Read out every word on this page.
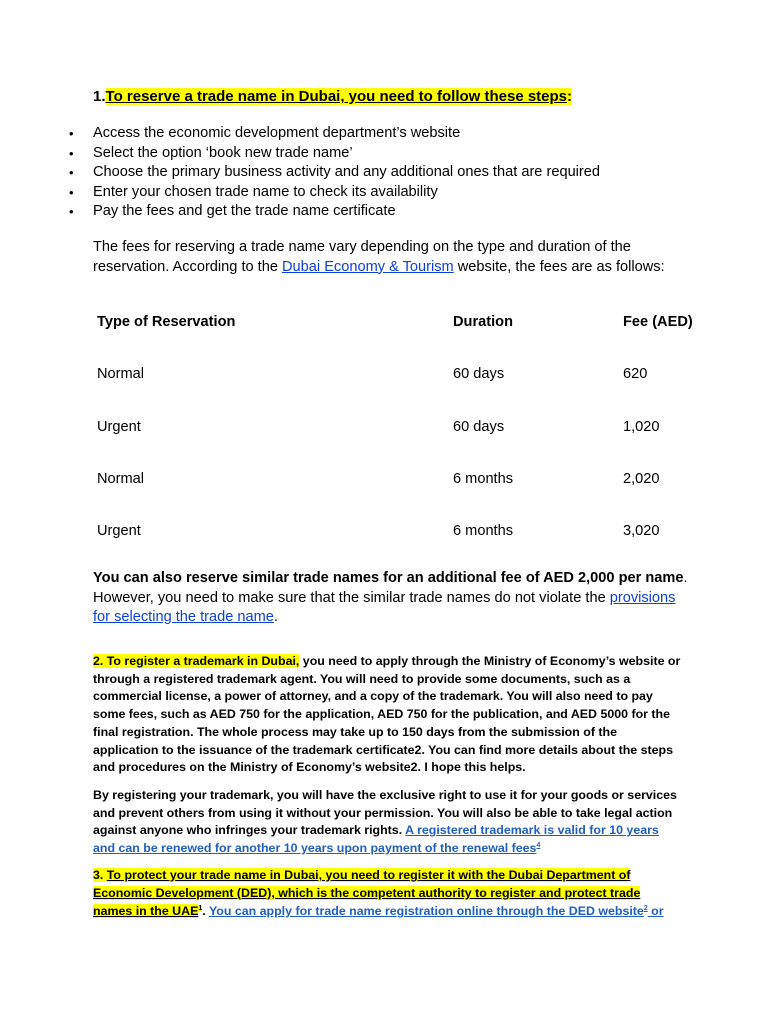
1.To reserve a trade name in Dubai, you need to follow these steps:
• Access the economic development department’s website
• Select the option ‘book new trade name’
• Choose the primary business activity and any additional ones that are required
• Enter your chosen trade name to check its availability
• Pay the fees and get the trade name certificate
The fees for reserving a trade name vary depending on the type and duration of the reservation. According to the Dubai Economy & Tourism website, the fees are as follows:
Type of Reservation	Duration	Fee (AED)
Normal	60 days	620
Urgent	60 days	1,020
Normal	6 months	2,020
Urgent	6 months	3,020
You can also reserve similar trade names for an additional fee of AED 2,000 per name. However, you need to make sure that the similar trade names do not violate the provisions for selecting the trade name.
2. To register a trademark in Dubai, you need to apply through the Ministry of Economy’s website or through a registered trademark agent. You will need to provide some documents, such as a commercial license, a power of attorney, and a copy of the trademark. You will also need to pay some fees, such as AED 750 for the application, AED 750 for the publication, and AED 5000 for the final registration. The whole process may take up to 150 days from the submission of the application to the issuance of the trademark certificate2. You can find more details about the steps and procedures on the Ministry of Economy’s website2. I hope this helps.
By registering your trademark, you will have the exclusive right to use it for your goods or services and prevent others from using it without your permission. You will also be able to take legal action against anyone who infringes your trademark rights. A registered trademark is valid for 10 years and can be renewed for another 10 years upon payment of the renewal fees$^4$
3. To protect your trade name in Dubai, you need to register it with the Dubai Department of Economic Development (DED), which is the competent authority to register and protect trade names in the UAE$^1$. You can apply for trade name registration online through the DED website$^2$ or
